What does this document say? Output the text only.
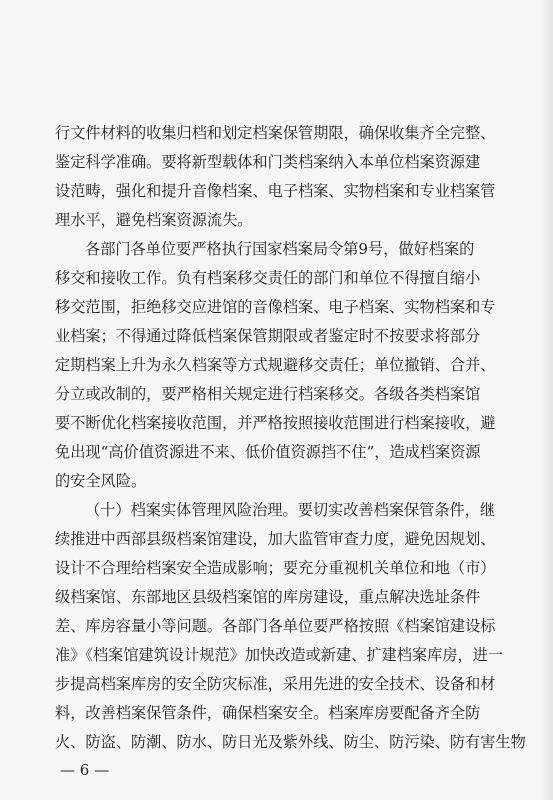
— 6 —
行文件材料的收集归档和划定档案保管期限，确保收集齐全完整、
鉴定科学准确。要将新型载体和门类档案纳入本单位档案资源建
设范畴，强化和提升音像档案、电子档案、实物档案和专业档案管
理水平，避免档案资源流失。
各部门各单位要严格执行国家档案局令第9号，做好档案的
移交和接收工作。负有档案移交责任的部门和单位不得擅自缩小
移交范围，拒绝移交应进馆的音像档案、电子档案、实物档案和专
业档案；不得通过降低档案保管期限或者鉴定时不按要求将部分
定期档案上升为永久档案等方式规避移交责任；单位撤销、合并、
分立或改制的，要严格相关规定进行档案移交。各级各类档案馆
要不断优化档案接收范围，并严格按照接收范围进行档案接收，避
免出现“高价值资源进不来、低价值资源挡不住”，造成档案资源
的安全风险。
（十）档案实体管理风险治理。要切实改善档案保管条件，继
续推进中西部县级档案馆建设，加大监管审查力度，避免因规划、
设计不合理给档案安全造成影响；要充分重视机关单位和地（市）
级档案馆、东部地区县级档案馆的库房建设，重点解决选址条件
差、库房容量小等问题。各部门各单位要严格按照《档案馆建设标
准》《档案馆建筑设计规范》加快改造或新建、扩建档案库房，进一
步提高档案库房的安全防灾标准，采用先进的安全技术、设备和材
料，改善档案保管条件，确保档案安全。档案库房要配备齐全防
火、防盗、防潮、防水、防日光及紫外线、防尘、防污染、防有害生物
